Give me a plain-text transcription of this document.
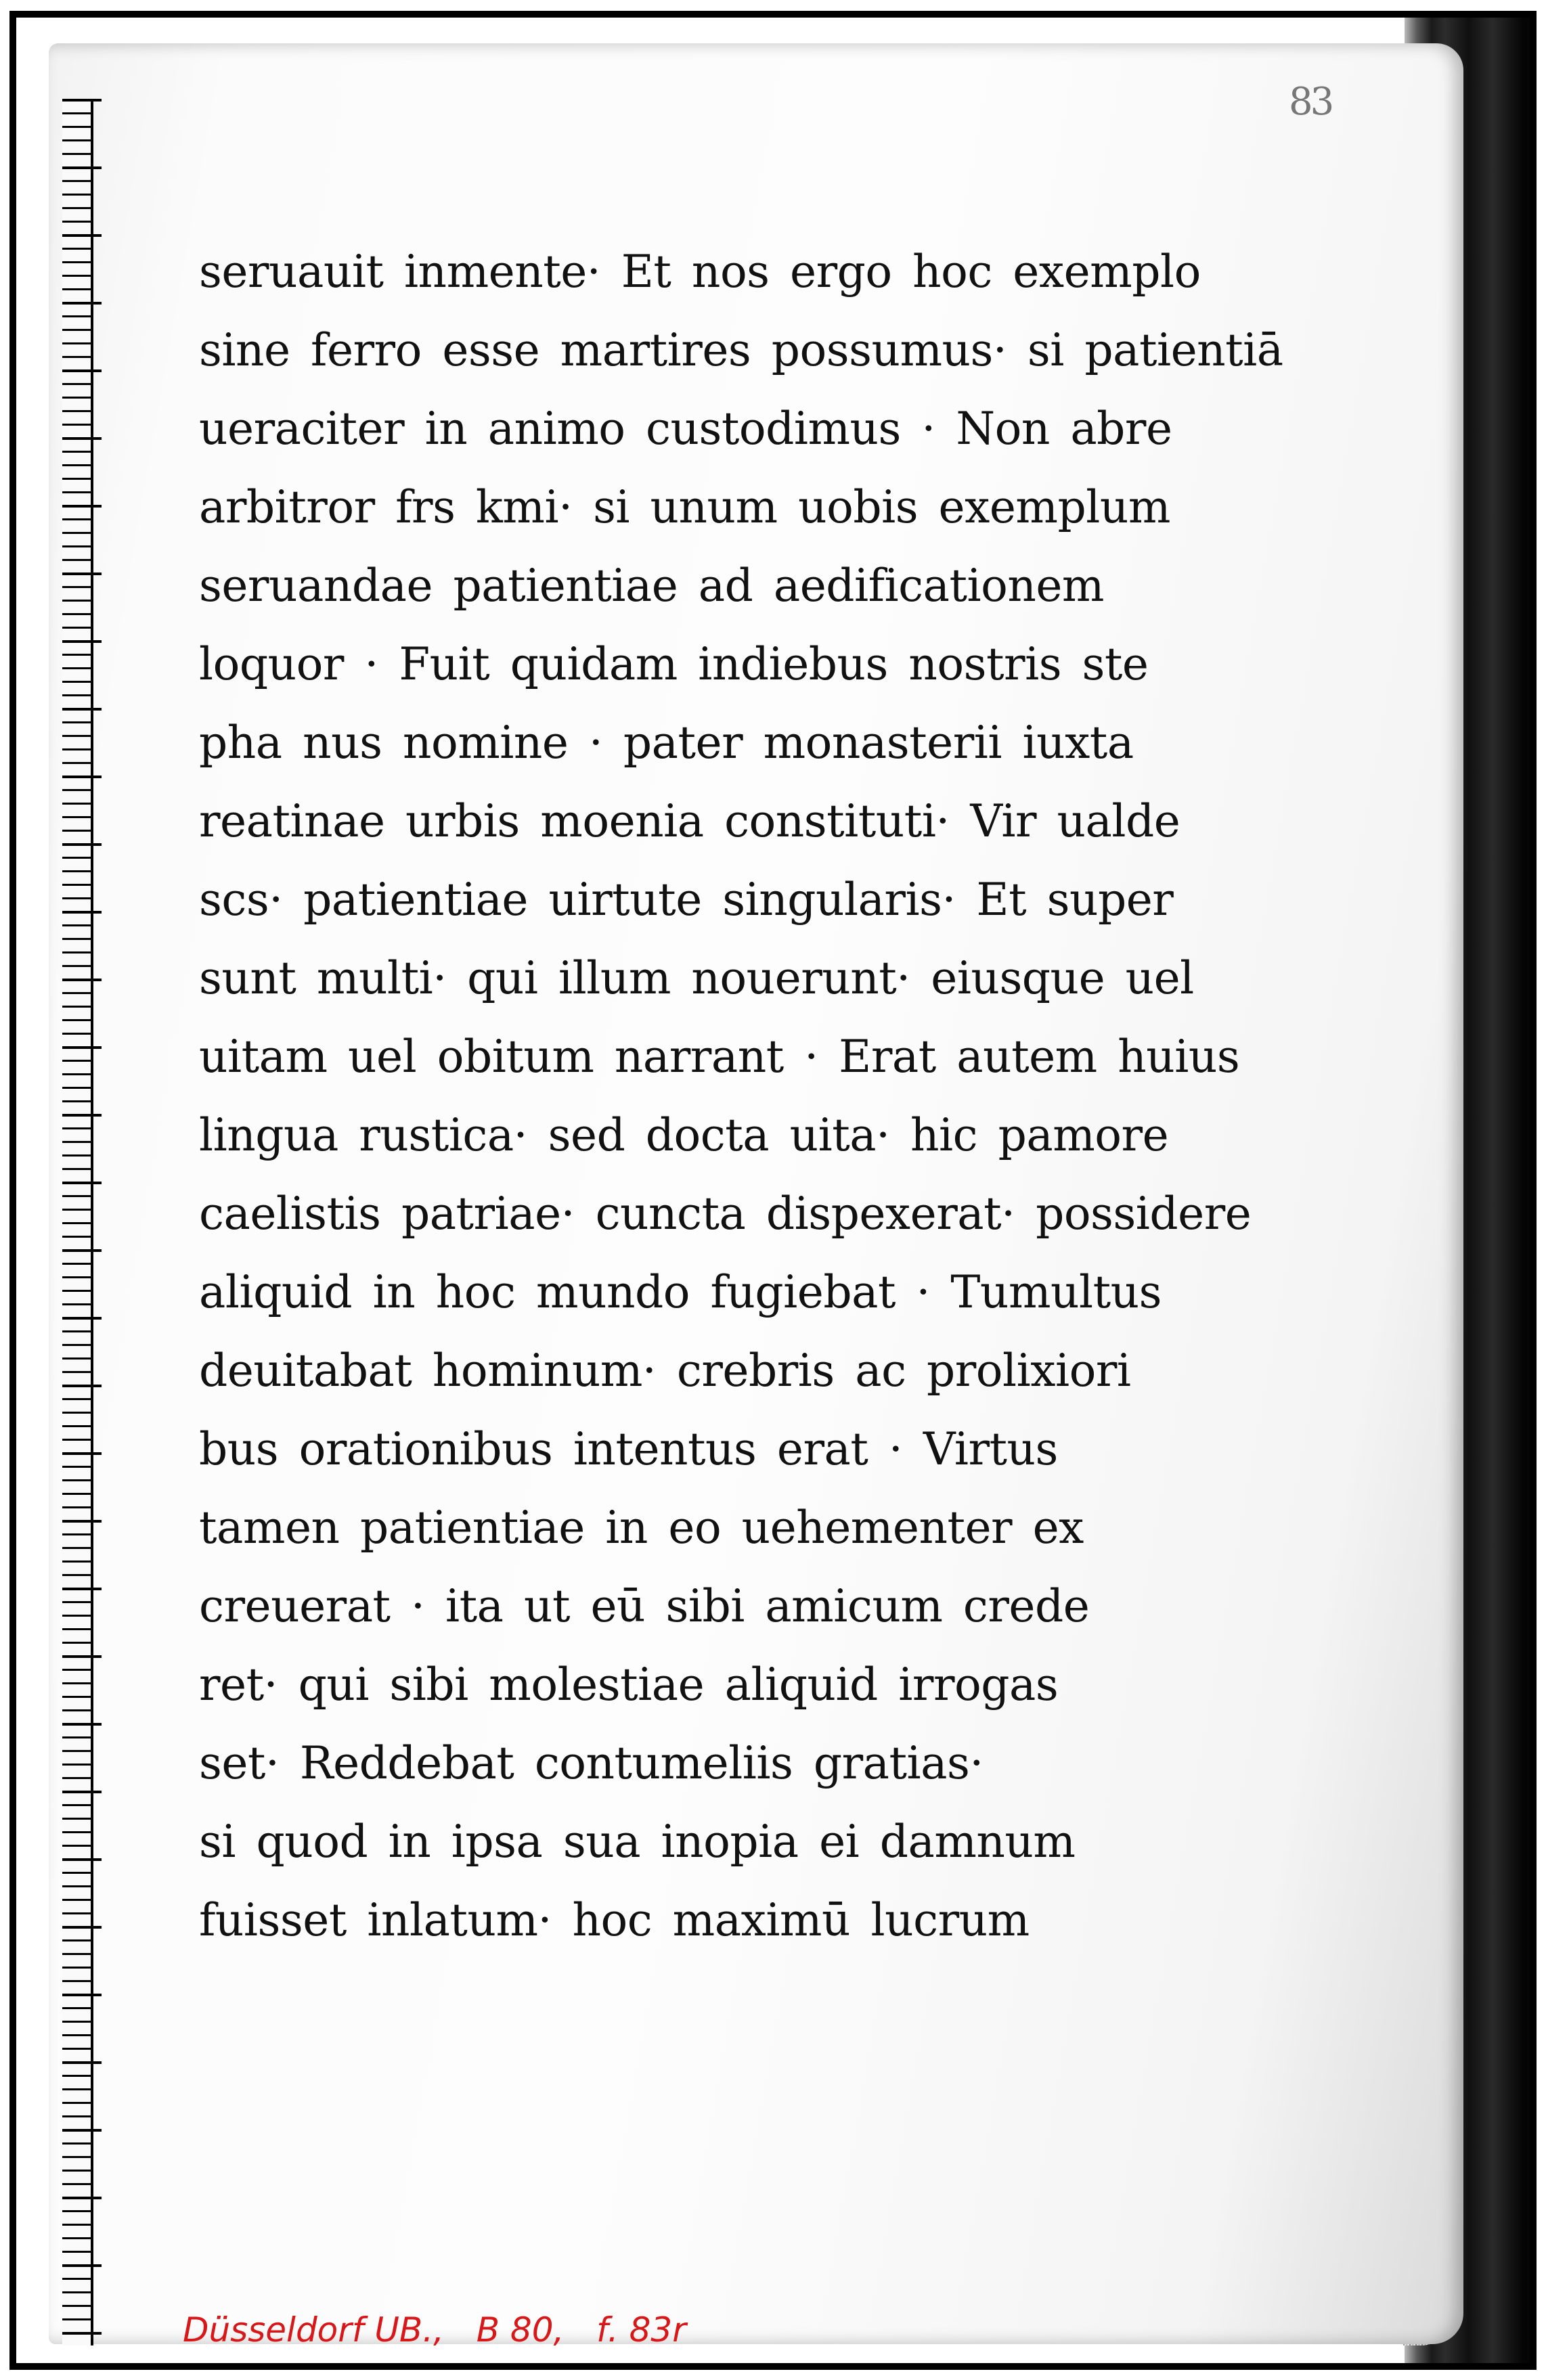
83
seruauit inmente· Et nos ergo hoc exemplo
sine ferro esse martires possumus· si patientiā
ueraciter in animo custodimus · Non abre
arbitror frs kmi· si unum uobis exemplum
seruandae patientiae ad aedificationem
loquor · Fuit quidam indiebus nostris ste
pha nus nomine · pater monasterii iuxta
reatinae urbis moenia constituti· Vir ualde
scs· patientiae uirtute singularis· Et super
sunt multi· qui illum nouerunt· eiusque uel
uitam uel obitum narrant · Erat autem huius
lingua rustica· sed docta uita· hic pamore
caelistis patriae· cuncta dispexerat· possidere
aliquid in hoc mundo fugiebat · Tumultus
deuitabat hominum· crebris ac prolixiori
bus orationibus intentus erat · Virtus
tamen patientiae in eo uehementer ex
creuerat · ita ut eū sibi amicum crede
ret· qui sibi molestiae aliquid irrogas
set· Reddebat contumeliis gratias·
si quod in ipsa sua inopia ei damnum
fuisset inlatum· hoc maximū lucrum
Düsseldorf UB.,   B 80,   f. 83r
